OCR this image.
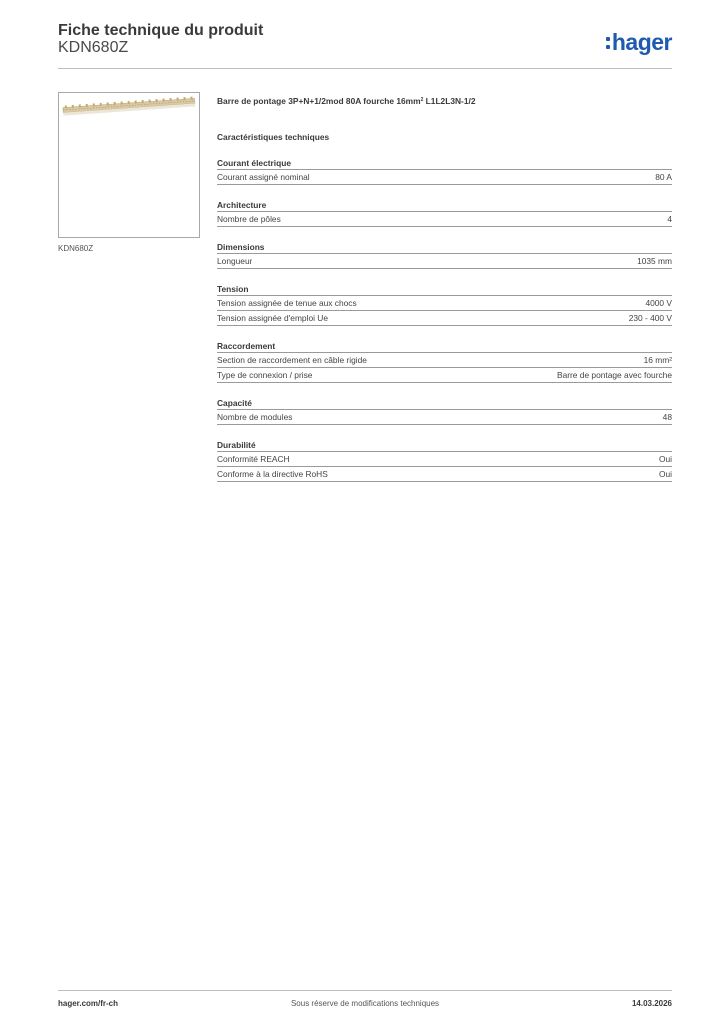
Fiche technique du produit
KDN680Z	hager
KDN680Z
Barre de pontage 3P+N+1/2mod 80A fourche $16mm^2$ L1L2L3N-1/2
Caractéristiques techniques
Courant électrique
Courant assigné nominal	80 A
Architecture
Nombre de pôles	4
Dimensions
Longueur	1035 mm
Tension
Tension assignée de tenue aux chocs	4000 V
Tension assignée d'emploi Ue	230 - 400 V
Raccordement
Section de raccordement en câble rigide	16 mm²
Type de connexion / prise	Barre de pontage avec fourche
Capacité
Nombre de modules	48
Durabilité
Conformité REACH	Oui
Conforme à la directive RoHS	Oui
hager.com/fr-ch	Sous réserve de modifications techniques	14.03.2026
